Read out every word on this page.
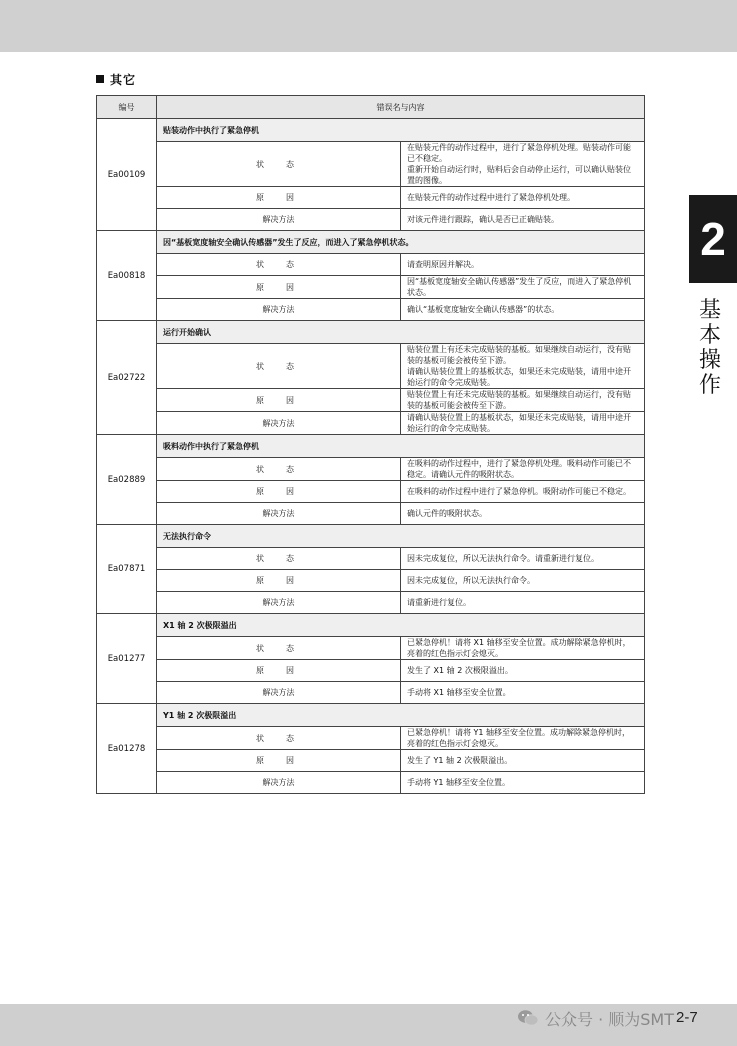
其它
编号	错误名与内容	
Ea00109	贴装动作中执行了紧急停机	
	状　态	在贴装元件的动作过程中，进行了紧急停机处理。贴装动作可能已不稳定。
重新开始自动运行时，贴料后会自动停止运行，可以确认贴装位置的图像。

	原　因	在贴装元件的动作过程中进行了紧急停机处理。
	解决方法	对该元件进行跟踪，确认是否已正确贴装。
Ea00818	因“基板宽度轴安全确认传感器”发生了反应，而进入了紧急停机状态。	
	状　态	请查明原因并解决。

	原　因	因“基板宽度轴安全确认传感器”发生了反应，而进入了紧急停机状态。
	解决方法	确认“基板宽度轴安全确认传感器”的状态。
Ea02722	运行开始确认	
	状　态	贴装位置上有还未完成贴装的基板。如果继续自动运行，没有贴装的基板可能会被传至下游。
请确认贴装位置上的基板状态，如果还未完成贴装，请用中途开始运行的命令完成贴装。

	原　因	贴装位置上有还未完成贴装的基板。如果继续自动运行，没有贴装的基板可能会被传至下游。
	解决方法	请确认贴装位置上的基板状态，如果还未完成贴装，请用中途开始运行的命令完成贴装。
Ea02889	吸料动作中执行了紧急停机	
	状　态	在吸料的动作过程中，进行了紧急停机处理。吸料动作可能已不稳定。请确认元件的吸附状态。

	原　因	在吸料的动作过程中进行了紧急停机。吸附动作可能已不稳定。
	解决方法	确认元件的吸附状态。
Ea07871	无法执行命令	
	状　态	因未完成复位，所以无法执行命令。请重新进行复位。

	原　因	因未完成复位，所以无法执行命令。
	解决方法	请重新进行复位。
Ea01277	X1 轴 2 次极限溢出	
	状　态	已紧急停机！请将 X1 轴移至安全位置。成功解除紧急停机时，亮着的红色指示灯会熄灭。

	原　因	发生了 X1 轴 2 次极限溢出。
	解决方法	手动将 X1 轴移至安全位置。
Ea01278	Y1 轴 2 次极限溢出	
	状　态	已紧急停机！请将 Y1 轴移至安全位置。成功解除紧急停机时，亮着的红色指示灯会熄灭。

	原　因	发生了 Y1 轴 2 次极限溢出。
	解决方法	手动将 Y1 轴移至安全位置。
2
基
本
操
作
公众号 · 顺为SMT 2-7
